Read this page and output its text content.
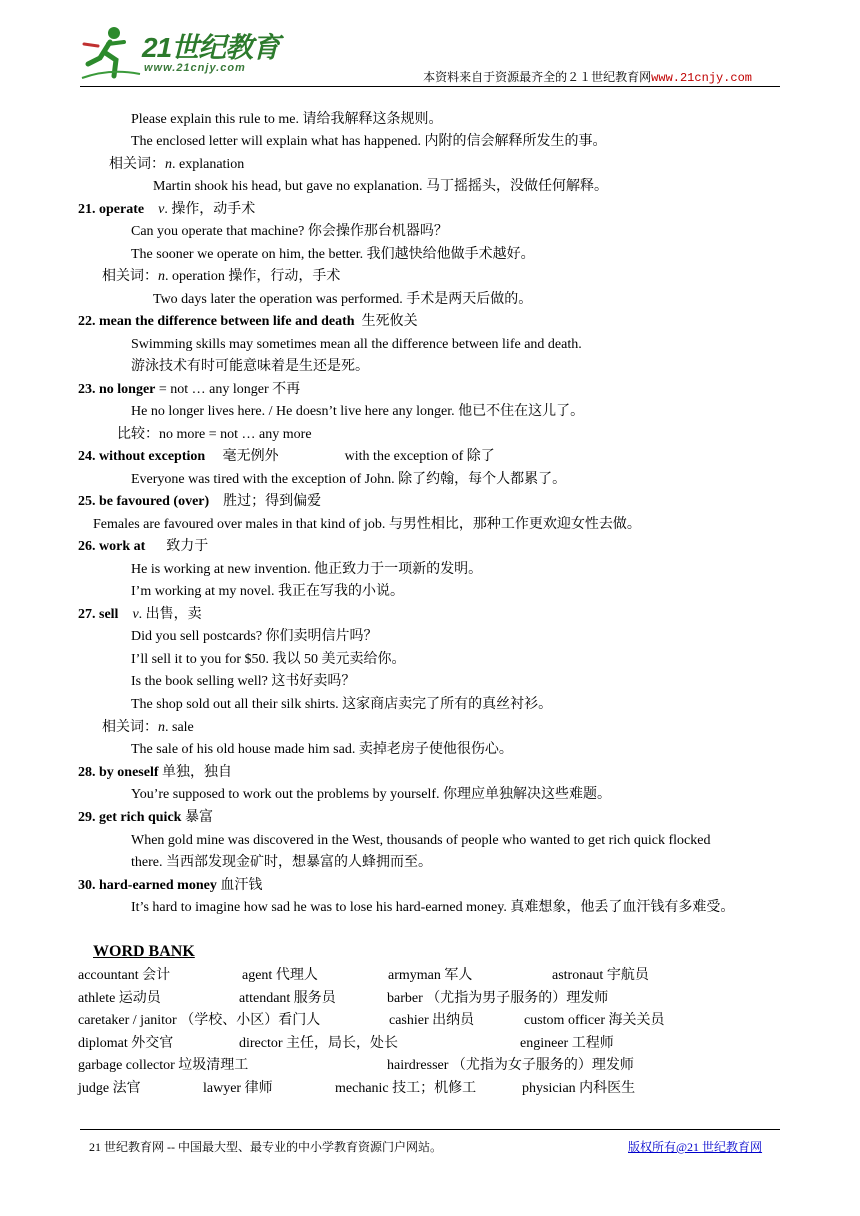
21世纪教育
www.21cnjy.com
本资料来自于资源最齐全的２１世纪教育网www.21cnjy.com
Please explain this rule to me. 请给我解释这条规则。
The enclosed letter will explain what has happened. 内附的信会解释所发生的事。
相关词：n. explanation
Martin shook his head, but gave no explanation. 马丁摇摇头，没做任何解释。
21. operate v. 操作，动手术
Can you operate that machine? 你会操作那台机器吗？
The sooner we operate on him, the better. 我们越快给他做手术越好。
相关词：n. operation 操作，行动，手术
Two days later the operation was performed. 手术是两天后做的。
22. mean the difference between life and death 生死攸关
Swimming skills may sometimes mean all the difference between life and death.
游泳技术有时可能意味着是生还是死。
23. no longer = not … any longer 不再
He no longer lives here. / He doesn’t live here any longer. 他已不住在这儿了。
比较：no more = not … any more
24. without exception 毫无例外	with the exception of 除了
Everyone was tired with the exception of John. 除了约翰，每个人都累了。
25. be favoured (over) 胜过；得到偏爱
Females are favoured over males in that kind of job. 与男性相比，那种工作更欢迎女性去做。
26. work at 致力于
He is working at new invention. 他正致力于一项新的发明。
I’m working at my novel. 我正在写我的小说。
27. sell v. 出售，卖
Did you sell postcards? 你们卖明信片吗？
I’ll sell it to you for $50. 我以 50 美元卖给你。
Is the book selling well? 这书好卖吗？
The shop sold out all their silk shirts. 这家商店卖完了所有的真丝衬衫。
相关词：n. sale
The sale of his old house made him sad. 卖掉老房子使他很伤心。
28. by oneself 单独，独自
You’re supposed to work out the problems by yourself. 你理应单独解决这些难题。
29. get rich quick 暴富
When gold mine was discovered in the West, thousands of people who wanted to get rich quick flocked
there. 当西部发现金矿时，想暴富的人蜂拥而至。
30. hard-earned money 血汗钱
It’s hard to imagine how sad he was to lose his hard-earned money. 真难想象，他丢了血汗钱有多难受。
WORD BANK
accountant 会计	agent 代理人	armyman 军人	astronaut 宇航员
athlete 运动员	attendant 服务员	barber （尤指为男子服务的）理发师
caretaker / janitor （学校、小区）看门人	cashier 出纳员	custom officer 海关关员
diplomat 外交官	director 主任，局长，处长	engineer 工程师
garbage collector 垃圾清理工	hairdresser （尤指为女子服务的）理发师
judge 法官	lawyer 律师	mechanic 技工；机修工	physician 内科医生
21 世纪教育网 -- 中国最大型、最专业的中小学教育资源门户网站。	版权所有@21 世纪教育网
